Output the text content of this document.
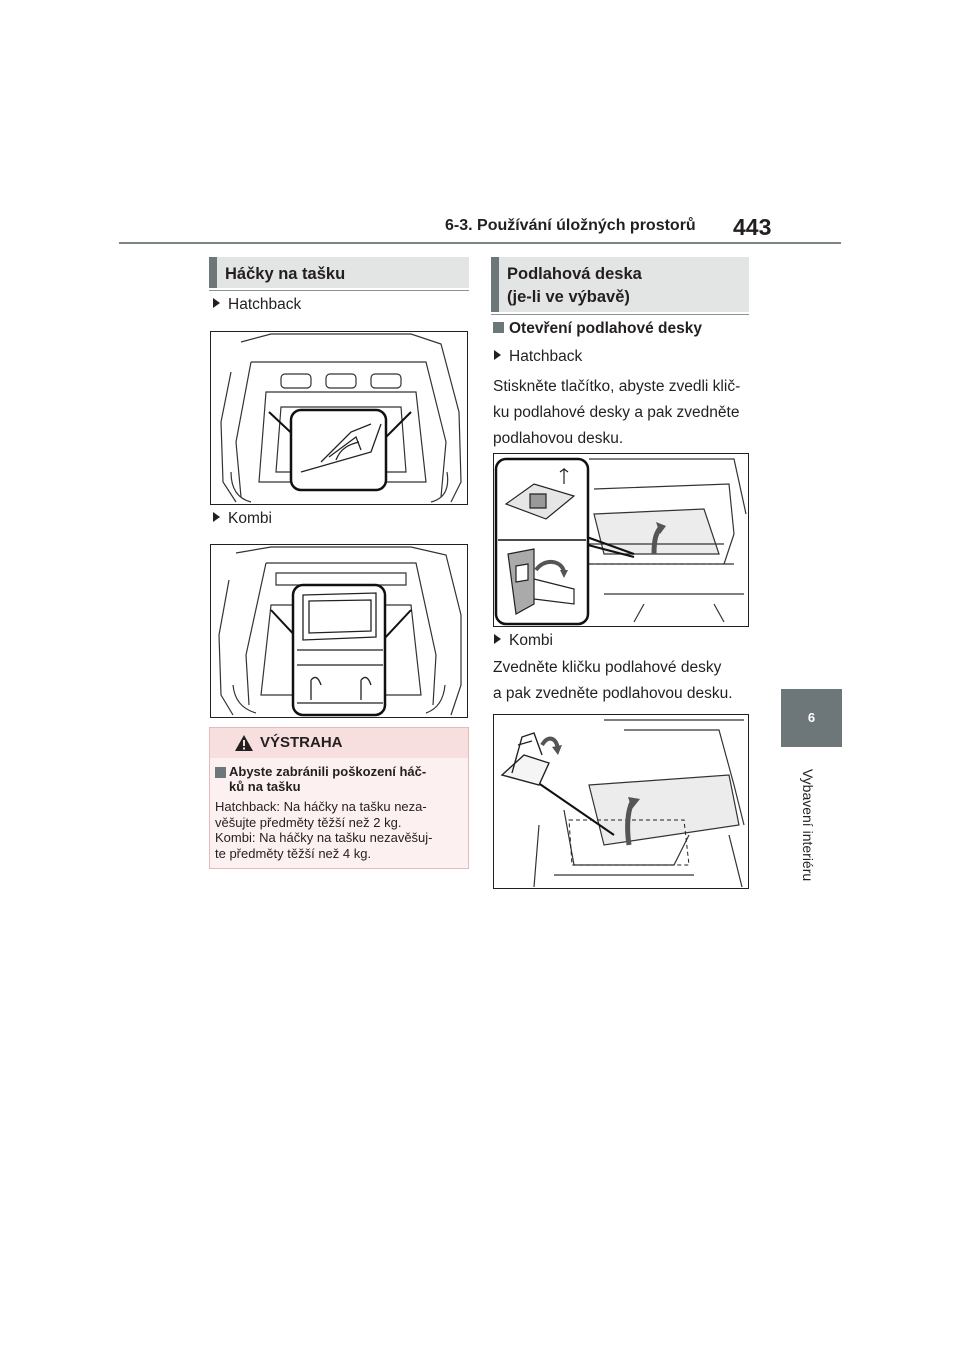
6-3. Používání úložných prostorů 443
6
Vybavení interiéru
Háčky na tašku
Hatchback
Kombi
VÝSTRAHA
Abyste zabránili poškození háč-
ků na tašku
Hatchback: Na háčky na tašku neza-
věšujte předměty těžší než 2 kg.
Kombi: Na háčky na tašku nezavěšuj-
te předměty těžší než 4 kg.
Podlahová deska
(je-li ve výbavě)
Otevření podlahové desky
Hatchback
Stiskněte tlačítko, abyste zvedli klič-
ku podlahové desky a pak zvedněte
podlahovou desku.
Kombi
Zvedněte kličku podlahové desky
a pak zvedněte podlahovou desku.
